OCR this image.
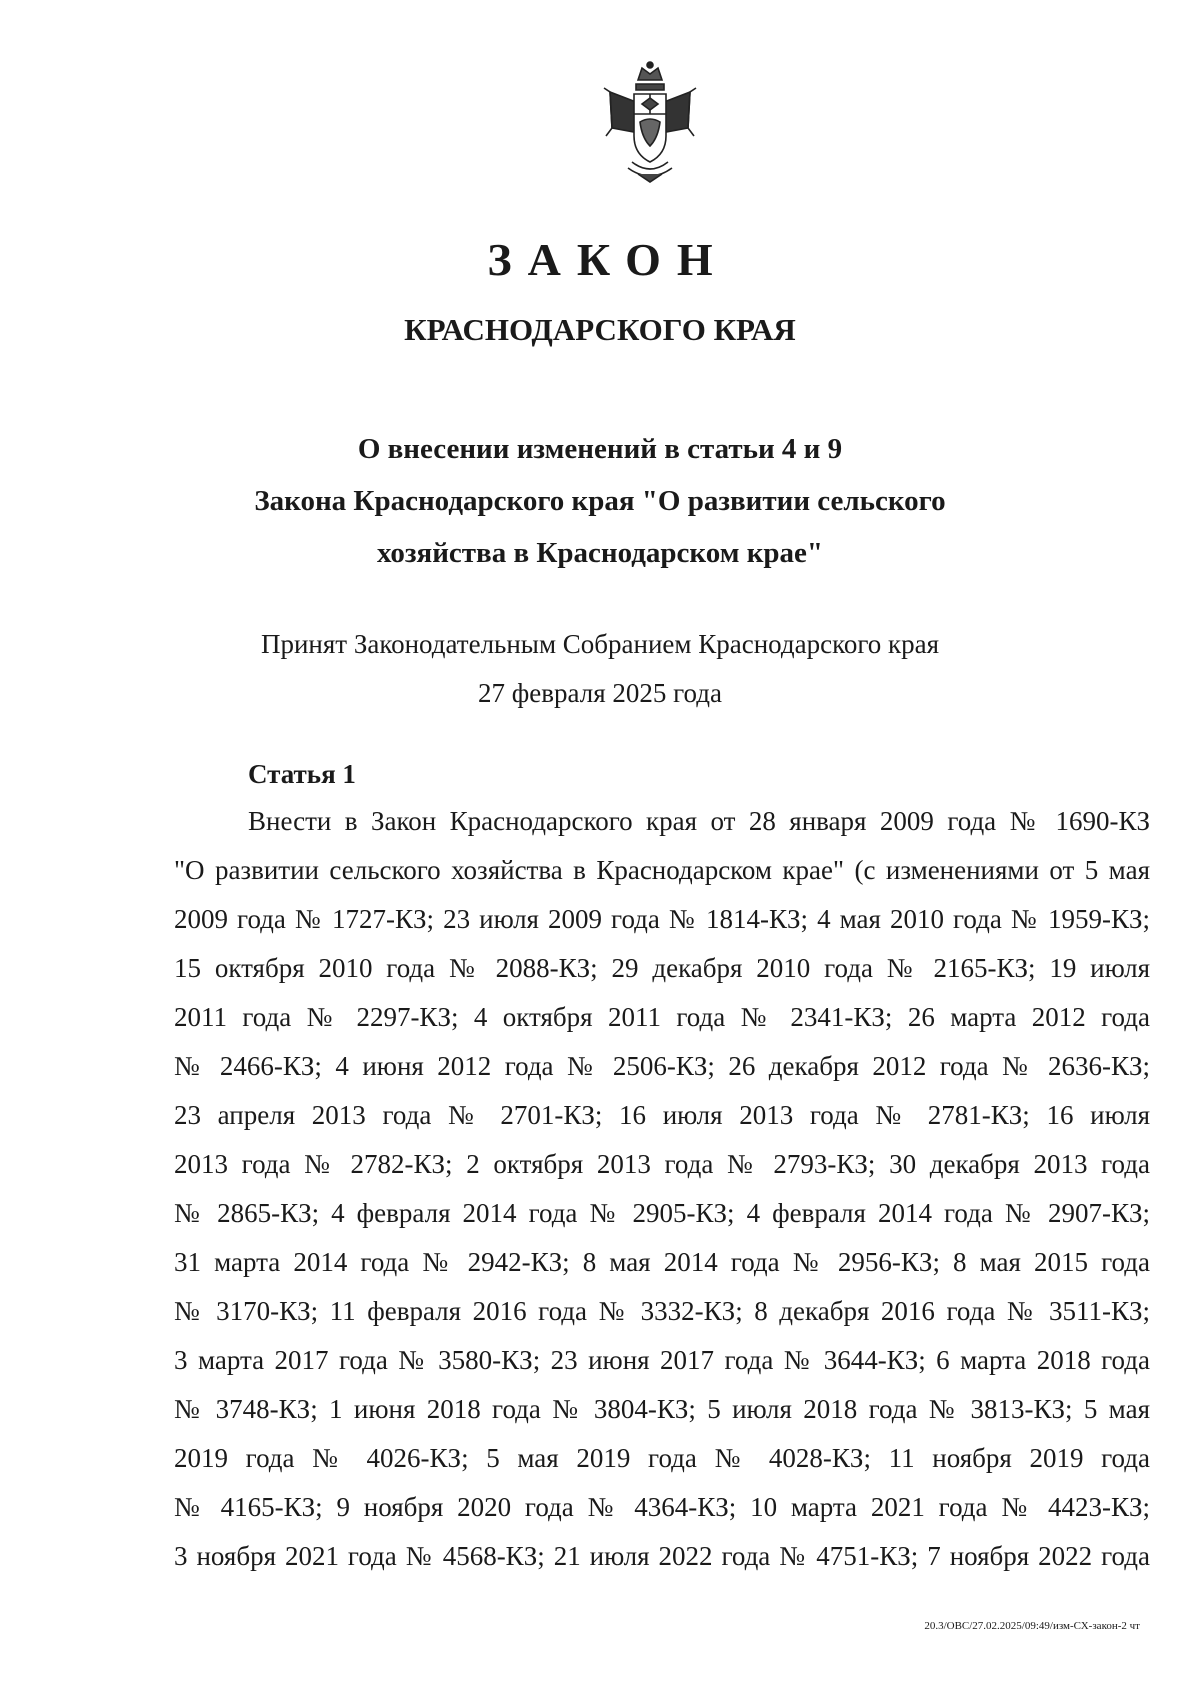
ЗАКОН
КРАСНОДАРСКОГО КРАЯ
О внесении изменений в статьи 4 и 9
Закона Краснодарского края "О развитии сельского
хозяйства в Краснодарском крае"
Принят Законодательным Собранием Краснодарского края
27 февраля 2025 года
Статья 1
Внести в Закон Краснодарского края от 28 января 2009 года № 1690-КЗ
"О развитии сельского хозяйства в Краснодарском крае" (с изменениями от 5 мая
2009 года № 1727-КЗ; 23 июля 2009 года № 1814-КЗ; 4 мая 2010 года № 1959-КЗ;
15 октября 2010 года № 2088-КЗ; 29 декабря 2010 года № 2165-КЗ; 19 июля
2011 года № 2297-КЗ; 4 октября 2011 года № 2341-КЗ; 26 марта 2012 года
№ 2466-КЗ; 4 июня 2012 года № 2506-КЗ; 26 декабря 2012 года № 2636-КЗ;
23 апреля 2013 года № 2701-КЗ; 16 июля 2013 года № 2781-КЗ; 16 июля
2013 года № 2782-КЗ; 2 октября 2013 года № 2793-КЗ; 30 декабря 2013 года
№ 2865-КЗ; 4 февраля 2014 года № 2905-КЗ; 4 февраля 2014 года № 2907-КЗ;
31 марта 2014 года № 2942-КЗ; 8 мая 2014 года № 2956-КЗ; 8 мая 2015 года
№ 3170-КЗ; 11 февраля 2016 года № 3332-КЗ; 8 декабря 2016 года № 3511-КЗ;
3 марта 2017 года № 3580-КЗ; 23 июня 2017 года № 3644-КЗ; 6 марта 2018 года
№ 3748-КЗ; 1 июня 2018 года № 3804-КЗ; 5 июля 2018 года № 3813-КЗ; 5 мая
2019 года № 4026-КЗ; 5 мая 2019 года № 4028-КЗ; 11 ноября 2019 года
№ 4165-КЗ; 9 ноября 2020 года № 4364-КЗ; 10 марта 2021 года № 4423-КЗ;
3 ноября 2021 года № 4568-КЗ; 21 июля 2022 года № 4751-КЗ; 7 ноября 2022 года
20.3/ОВС/27.02.2025/09:49/изм-СХ-закон-2 чт
